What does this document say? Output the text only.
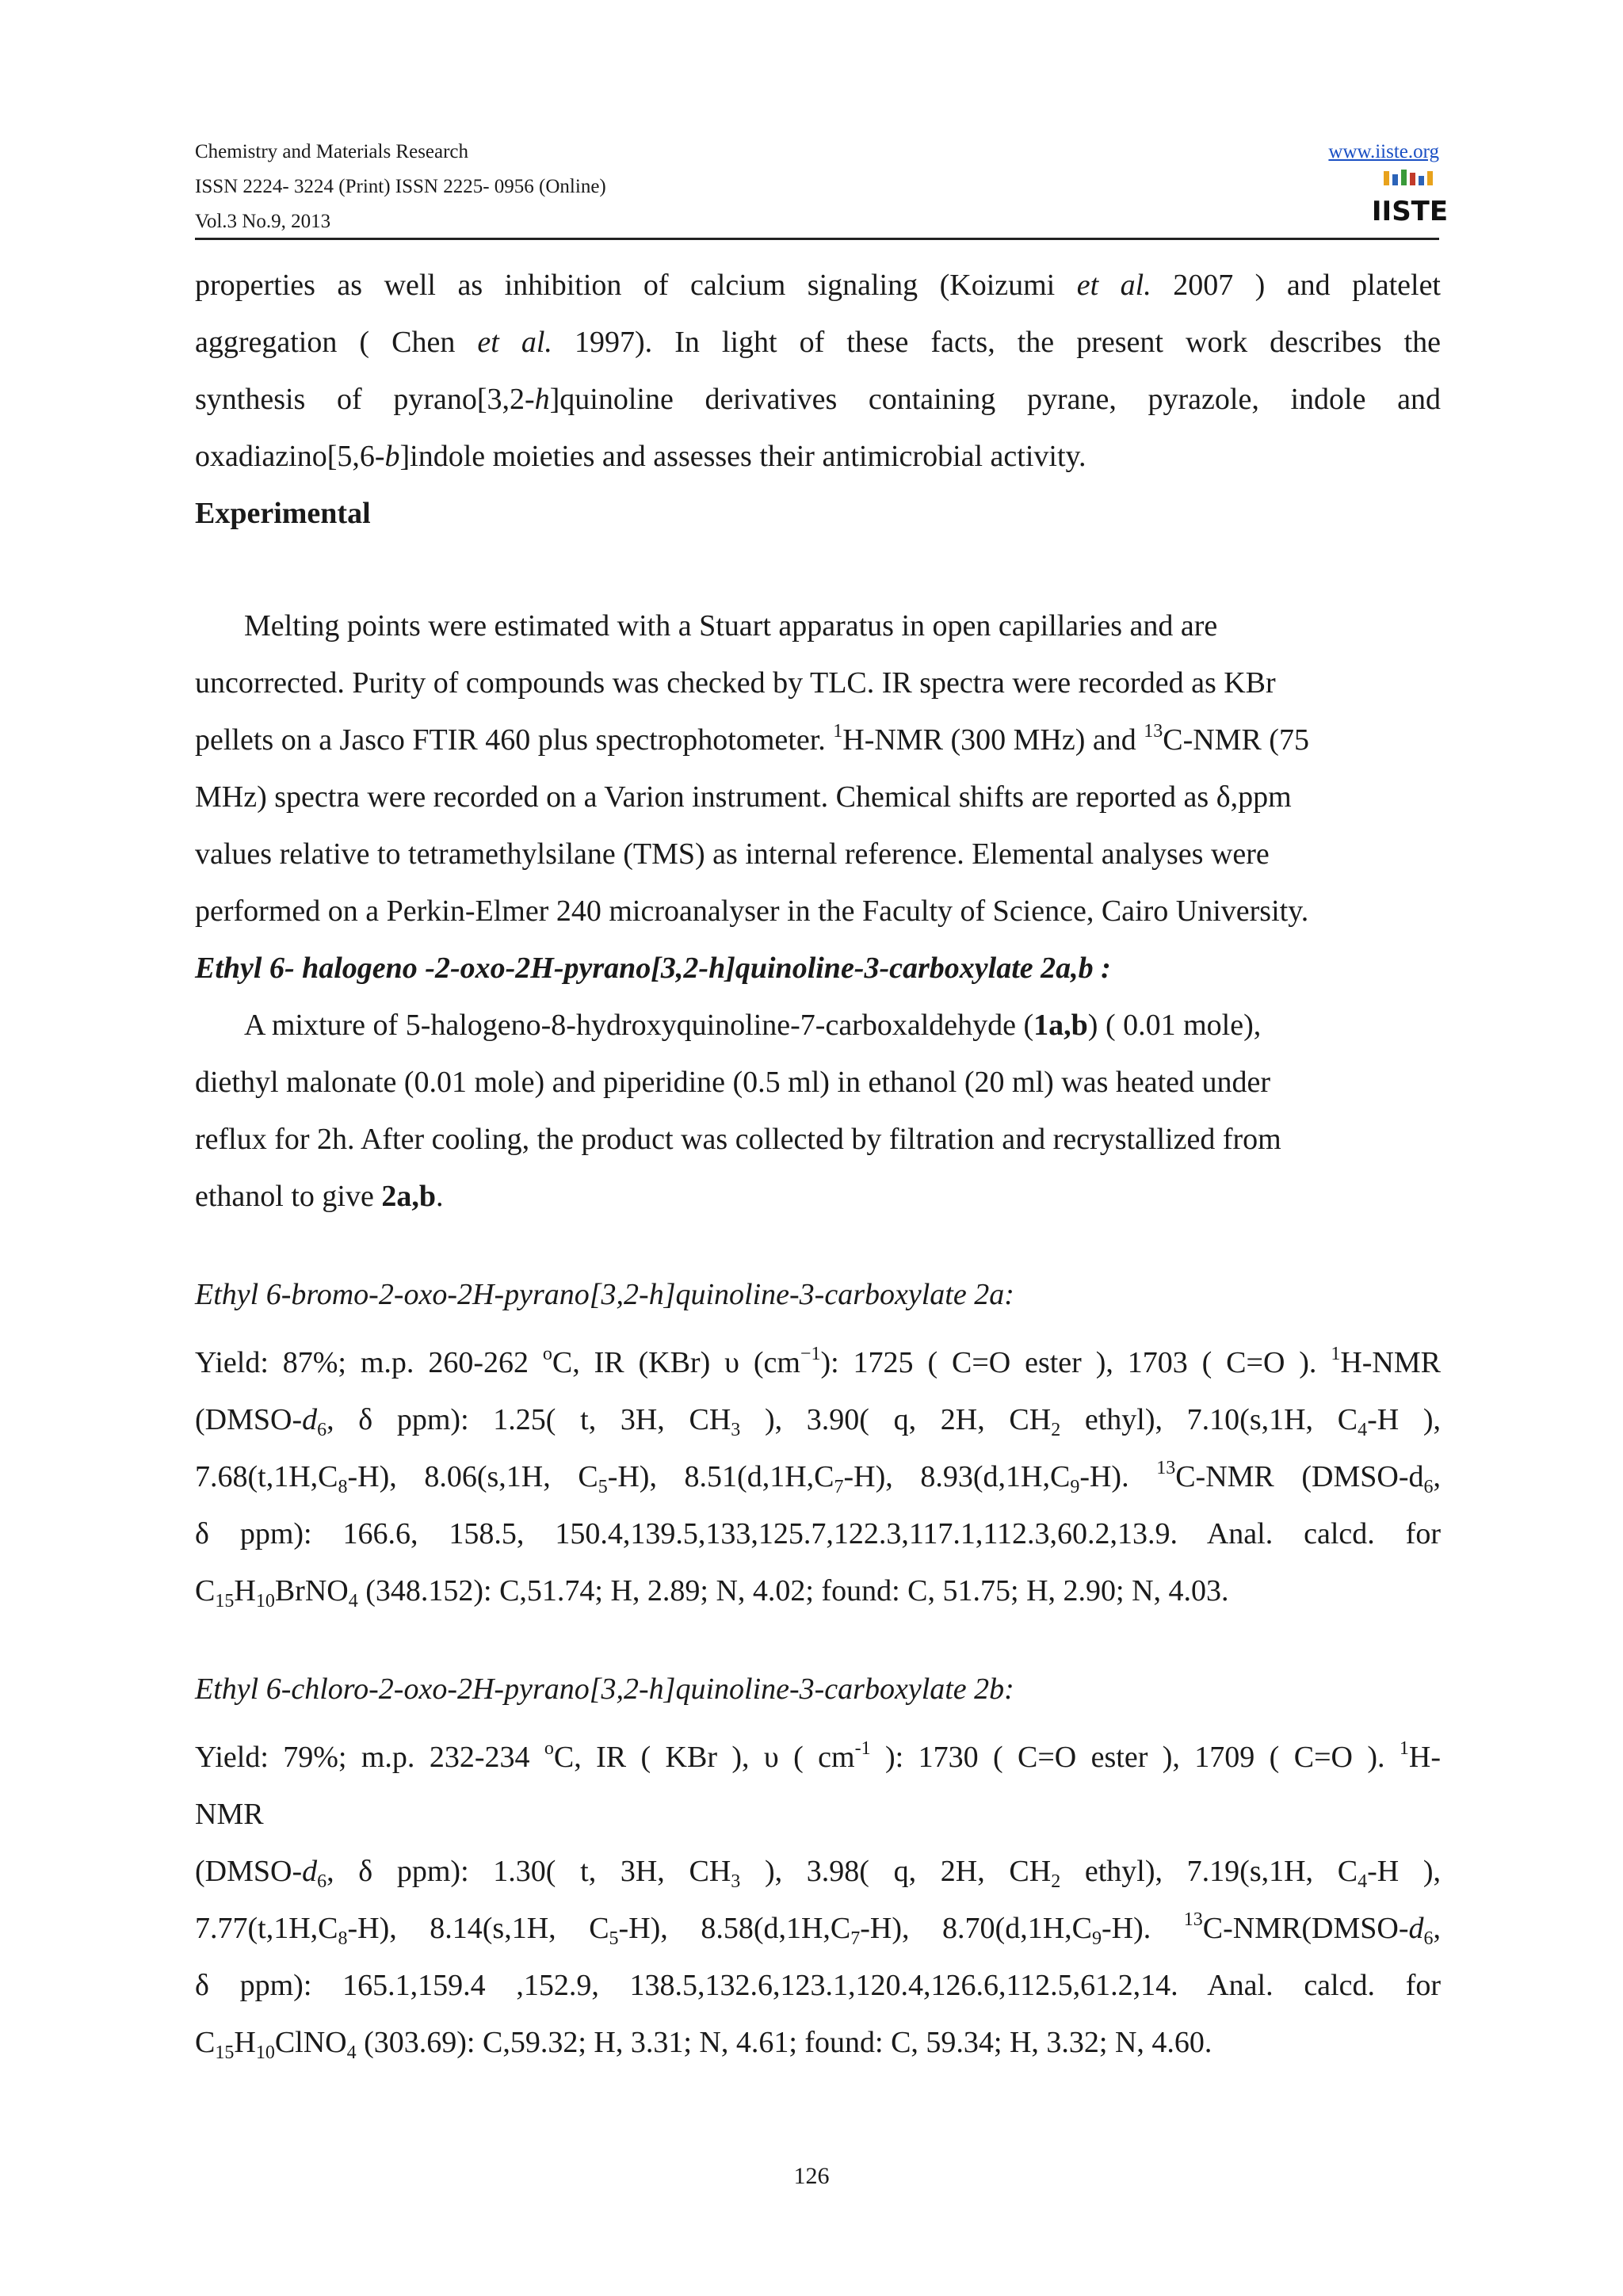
Chemistry and Materials Research
ISSN 2224- 3224 (Print) ISSN 2225- 0956 (Online)
Vol.3 No.9, 2013
www.iiste.org
IISTE

properties as well as inhibition of calcium signaling (Koizumi et al. 2007 ) and platelet

aggregation ( Chen et al. 1997). In light of these facts, the present work describes the

synthesis of pyrano[3,2-h]quinoline derivatives containing pyrane, pyrazole, indole and

oxadiazino[5,6-b]indole moieties and assesses their antimicrobial activity.

Experimental

Melting points were estimated with a Stuart apparatus in open capillaries and are

uncorrected. Purity of compounds was checked by TLC. IR spectra were recorded as KBr

pellets on a Jasco FTIR 460 plus spectrophotometer. $^1$H-NMR (300 MHz) and $^{13}$C-NMR (75

MHz) spectra were recorded on a Varion instrument. Chemical shifts are reported as δ,ppm

values relative to tetramethylsilane (TMS) as internal reference. Elemental analyses were

performed on a Perkin-Elmer 240 microanalyser in the Faculty of Science, Cairo University.

Ethyl 6- halogeno -2-oxo-2H-pyrano[3,2-h]quinoline-3-carboxylate 2a,b :

A mixture of 5-halogeno-8-hydroxyquinoline-7-carboxaldehyde (1a,b) ( 0.01 mole),

diethyl malonate (0.01 mole) and piperidine (0.5 ml) in ethanol (20 ml) was heated under

reflux for 2h. After cooling, the product was collected by filtration and recrystallized from

ethanol to give 2a,b.

Ethyl 6-bromo-2-oxo-2H-pyrano[3,2-h]quinoline-3-carboxylate 2a:

Yield: 87%; m.p. 260-262 $^o$C, IR (KBr) υ $(cm^{-1})$: 1725 ( C=O ester ), 1703 ( C=O ). $^1$H-NMR

($DMSO-d_6$, δ ppm): 1.25( t, 3H, $CH_3$ ), 3.90( q, 2H, $CH_2$ ethyl), 7.10(s,1H, $C_4-H$ ),

$7.68(t,1H,C_8-H)$, 8.06(s,1H, $C_5-H$), $8.51(d,1H,C_7-H)$, $8.93(d,1H,C_9-H)$. $^{13}$C-NMR ($DMSO-d_6$,

δ ppm): 166.6, 158.5, 150.4,139.5,133,125.7,122.3,117.1,112.3,60.2,13.9. Anal. calcd. for

$C_{15}H_{10}BrNO_4$ (348.152): C,51.74; H, 2.89; N, 4.02; found: C, 51.75; H, 2.90; N, 4.03.

Ethyl 6-chloro-2-oxo-2H-pyrano[3,2-h]quinoline-3-carboxylate 2b:

Yield: 79%; m.p. 232-234 $^o$C, IR ( KBr ), υ ( $cm^{-1}$ ): 1730 ( C=O ester ), 1709 ( C=O ). $^1$H-

NMR

($DMSO-d_6$, δ ppm): 1.30( t, 3H, $CH_3$ ), 3.98( q, 2H, $CH_2$ ethyl), 7.19(s,1H, $C_4-H$ ),

$7.77(t,1H,C_8-H)$, 8.14(s,1H, $C_5-H$), $8.58(d,1H,C_7-H)$, $8.70(d,1H,C_9-H)$. $^{13}C-NMR(DMSO-d_6$,

δ ppm): 165.1,159.4 ,152.9, 138.5,132.6,123.1,120.4,126.6,112.5,61.2,14. Anal. calcd. for

$C_{15}H_{10}ClNO_4$ (303.69): C,59.32; H, 3.31; N, 4.61; found: C, 59.34; H, 3.32; N, 4.60.

126
